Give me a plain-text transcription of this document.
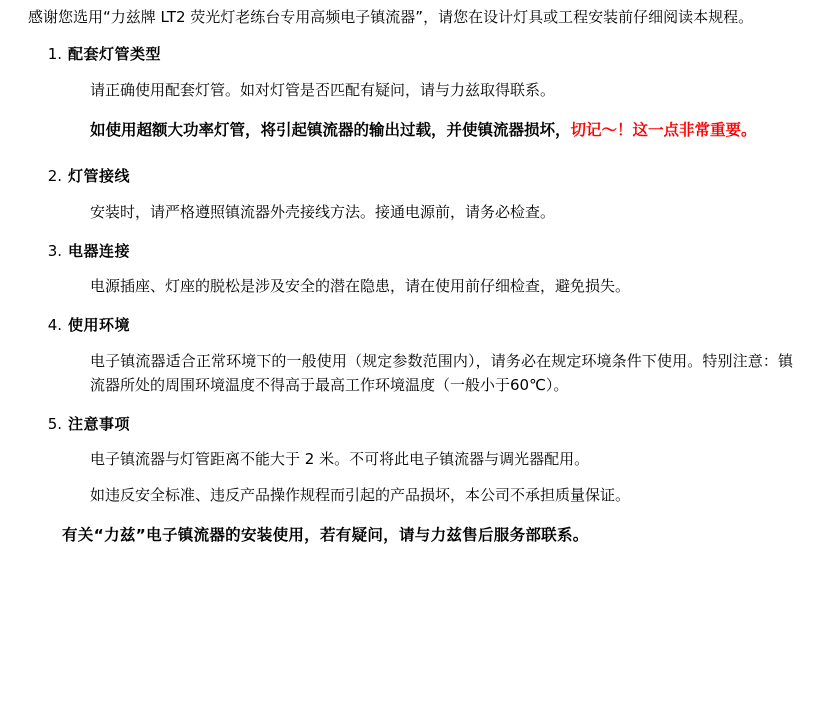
感谢您选用“力兹牌 LT2 荧光灯老练台专用高频电子镇流器”，请您在设计灯具或工程安装前仔细阅读本规程。

1. 配套灯管类型

请正确使用配套灯管。如对灯管是否匹配有疑问，请与力兹取得联系。

如使用超额大功率灯管，将引起镇流器的输出过载，并使镇流器损坏，切记～！这一点非常重要。

2. 灯管接线

安装时，请严格遵照镇流器外壳接线方法。接通电源前，请务必检查。

3. 电器连接

电源插座、灯座的脱松是涉及安全的潜在隐患，请在使用前仔细检查，避免损失。

4. 使用环境

电子镇流器适合正常环境下的一般使用（规定参数范围内），请务必在规定环境条件下使用。特别注意：镇流器所处的周围环境温度不得高于最高工作环境温度（一般小于60℃）。

5. 注意事项

电子镇流器与灯管距离不能大于 2 米。不可将此电子镇流器与调光器配用。

如违反安全标准、违反产品操作规程而引起的产品损坏，本公司不承担质量保证。

有关“力兹”电子镇流器的安装使用，若有疑问，请与力兹售后服务部联系。
